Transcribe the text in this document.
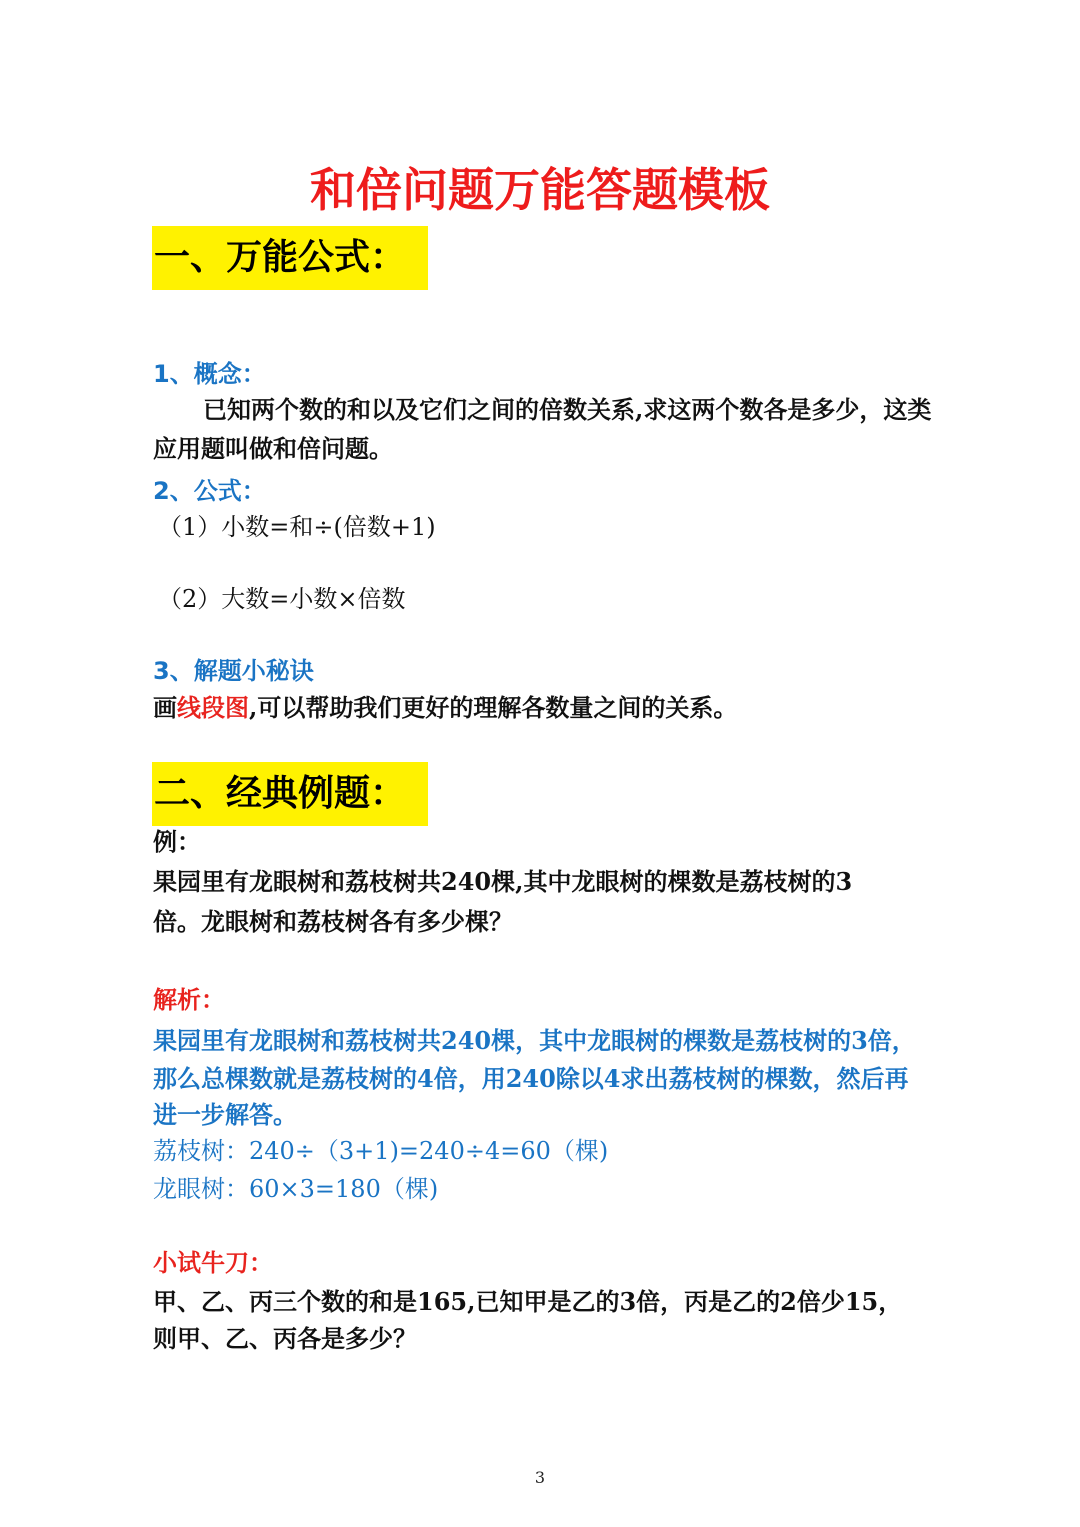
和倍问题万能答题模板
一、万能公式：
1、概念：
已知两个数的和以及它们之间的倍数关系,求这两个数各是多少，这类
应用题叫做和倍问题。
2、公式：
（1）小数=和÷(倍数+1)
（2）大数=小数×倍数
3、解题小秘诀
画线段图,可以帮助我们更好的理解各数量之间的关系。
二、经典例题：
例：
果园里有龙眼树和荔枝树共240棵,其中龙眼树的棵数是荔枝树的3
倍。龙眼树和荔枝树各有多少棵？
解析：
果园里有龙眼树和荔枝树共240棵，其中龙眼树的棵数是荔枝树的3倍，
那么总棵数就是荔枝树的4倍，用240除以4求出荔枝树的棵数，然后再
进一步解答。
荔枝树：240÷（3+1)=240÷4=60（棵)
龙眼树：60×3=180（棵)
小试牛刀：
甲、乙、丙三个数的和是165,已知甲是乙的3倍，丙是乙的2倍少15，
则甲、乙、丙各是多少？
3
